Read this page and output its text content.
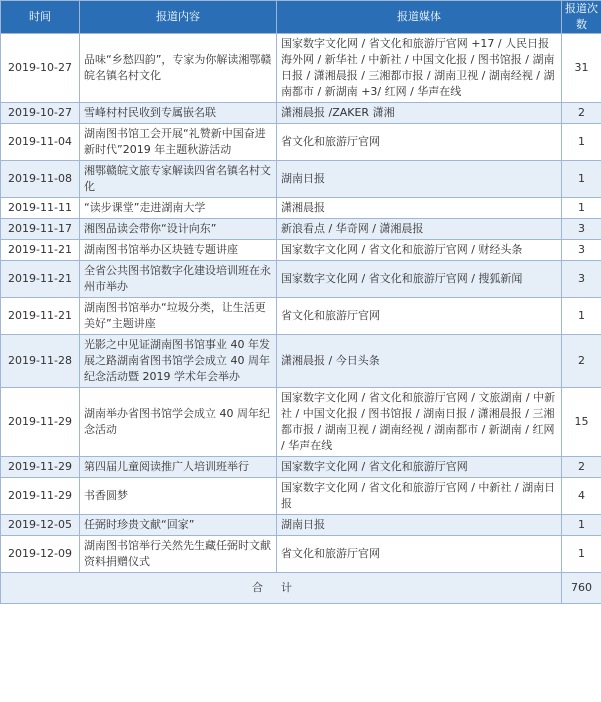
时间	报道内容	报道媒体	报道次数
2019-10-27	品味“乡愁四韵”，专家为你解读湘鄂赣皖名镇名村文化	国家数字文化网 / 省文化和旅游厅官网 +17 / 人民日报海外网 / 新华社 / 中新社 / 中国文化报 / 图书馆报 / 湖南日报 / 潇湘晨报 / 三湘都市报 / 湖南卫视 / 湖南经视 / 湖南都市 / 新湖南 +3/ 红网 / 华声在线	31
2019-10-27	雪峰村村民收到专属嵌名联	潇湘晨报 /ZAKER 潇湘	2
2019-11-04	湖南图书馆工会开展“礼赞新中国奋进新时代”2019 年主题秋游活动	省文化和旅游厅官网	1
2019-11-08	湘鄂赣皖文旅专家解读四省名镇名村文化	湖南日报	1
2019-11-11	“读步课堂”走进湖南大学	潇湘晨报	1
2019-11-17	湘图品读会带你“设计向东”	新浪看点 / 华奇网 / 潇湘晨报	3
2019-11-21	湖南图书馆举办区块链专题讲座	国家数字文化网 / 省文化和旅游厅官网 / 财经头条	3
2019-11-21	全省公共图书馆数字化建设培训班在永州市举办	国家数字文化网 / 省文化和旅游厅官网 / 搜狐新闻	3
2019-11-21	湖南图书馆举办“垃圾分类，让生活更美好”主题讲座	省文化和旅游厅官网	1
2019-11-28	光影之中见证湖南图书馆事业 40 年发展之路湖南省图书馆学会成立 40 周年纪念活动暨 2019 学术年会举办	潇湘晨报 / 今日头条	2
2019-11-29	湖南举办省图书馆学会成立 40 周年纪念活动	国家数字文化网 / 省文化和旅游厅官网 / 文旅湖南 / 中新社 / 中国文化报 / 图书馆报 / 湖南日报 / 潇湘晨报 / 三湘都市报 / 湖南卫视 / 湖南经视 / 湖南都市 / 新湖南 / 红网 / 华声在线	15
2019-11-29	第四届儿童阅读推广人培训班举行	国家数字文化网 / 省文化和旅游厅官网	2
2019-11-29	书香圆梦	国家数字文化网 / 省文化和旅游厅官网 / 中新社 / 湖南日报	4
2019-12-05	任弼时珍贵文献“回家”	湖南日报	1
2019-12-09	湖南图书馆举行关然先生藏任弼时文献资料捐赠仪式	省文化和旅游厅官网	1
合计			760
